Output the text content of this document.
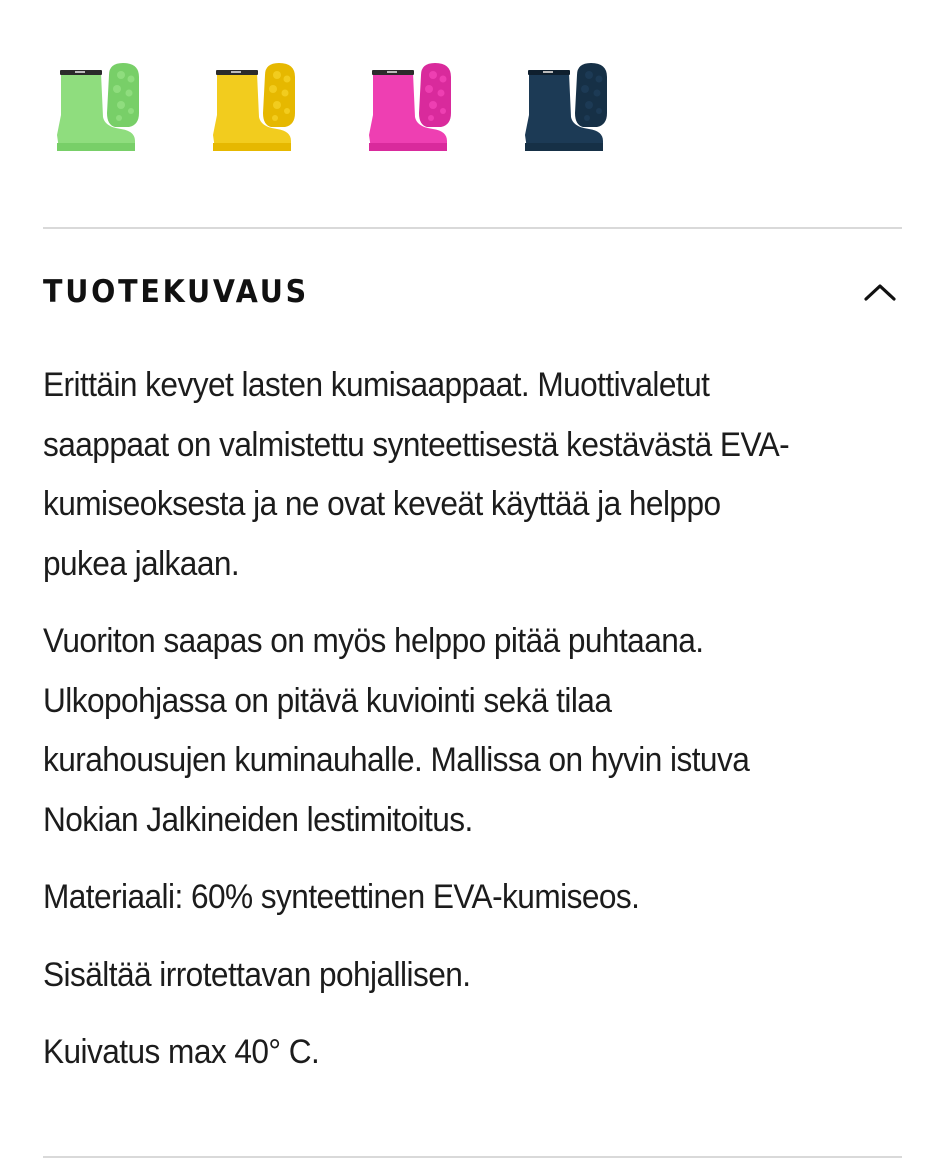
TUOTEKUVAUS

Erittäin kevyet lasten kumisaappaat. Muottivaletut
saappaat on valmistettu synteettisestä kestävästä EVA-
kumiseoksesta ja ne ovat keveät käyttää ja helppo
pukea jalkaan.

Vuoriton saapas on myös helppo pitää puhtaana.
Ulkopohjassa on pitävä kuviointi sekä tilaa
kurahousujen kuminauhalle. Mallissa on hyvin istuva
Nokian Jalkineiden lestimitoitus.

Materiaali: 60% synteettinen EVA-kumiseos.

Sisältää irrotettavan pohjallisen.

Kuivatus max 40° C.
